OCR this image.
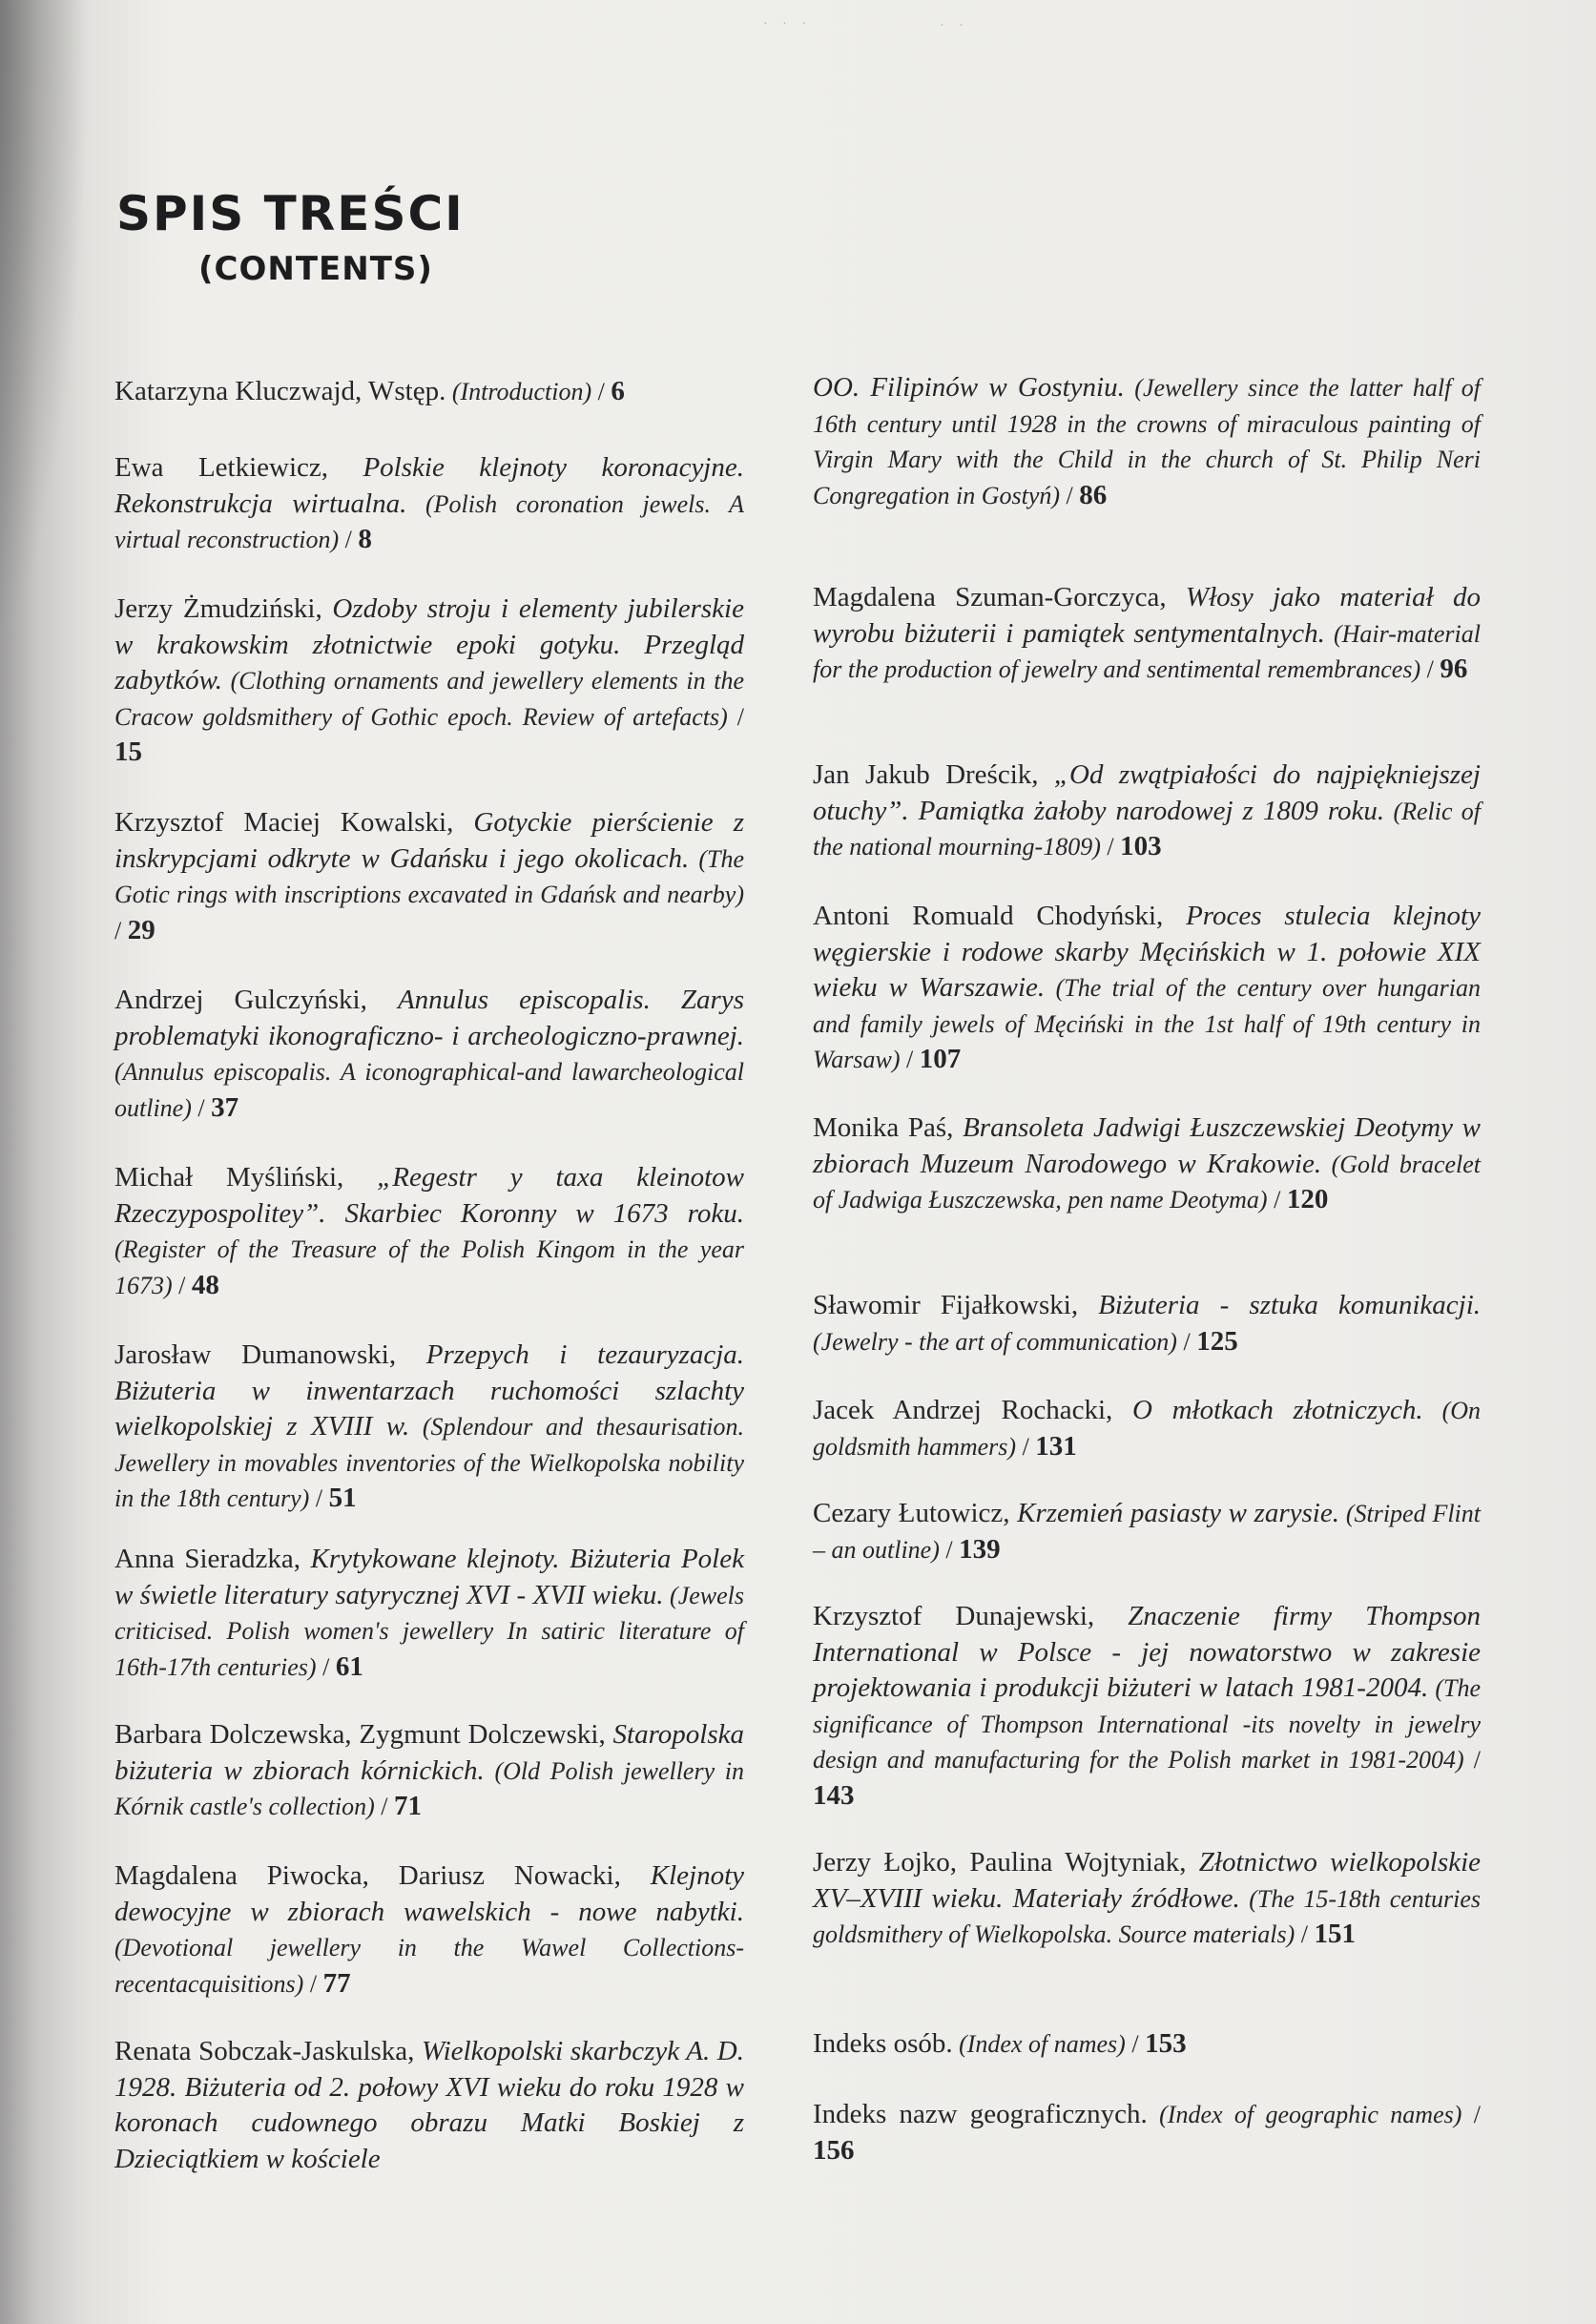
· · ·	· ·
SPIS TREŚCI
(CONTENTS)

Katarzyna Kluczwajd, Wstęp. (Introduction) / 6

Ewa Letkiewicz, Polskie klejnoty koronacyjne. Rekonstrukcja wirtualna. (Polish coronation jewels. A virtual reconstruction) / 8

Jerzy Żmudziński, Ozdoby stroju i elementy jubilerskie w krakowskim złotnictwie epoki gotyku. Przegląd zabytków. (Clothing ornaments and jewellery elements in the Cracow goldsmithery of Gothic epoch. Review of artefacts) / 15

Krzysztof Maciej Kowalski, Gotyckie pierścienie z inskrypcjami odkryte w Gdańsku i jego okolicach. (The Gotic rings with inscriptions excavated in Gdańsk and nearby) / 29

Andrzej Gulczyński, Annulus episcopalis. Zarys problematyki ikonograficzno- i archeologiczno-prawnej. (Annulus episcopalis. A iconographical-and lawarcheological outline) / 37

Michał Myśliński, „Regestr y taxa kleinotow Rzeczypospolitey”. Skarbiec Koronny w 1673 roku. (Register of the Treasure of the Polish Kingom in the year 1673) / 48

Jarosław Dumanowski, Przepych i tezauryzacja. Biżuteria w inwentarzach ruchomości szlachty wielkopolskiej z XVIII w. (Splendour and thesaurisation. Jewellery in movables inventories of the Wielkopolska nobility in the 18th century) / 51

Anna Sieradzka, Krytykowane klejnoty. Biżuteria Polek w świetle literatury satyrycznej XVI - XVII wieku. (Jewels criticised. Polish women's jewellery In satiric literature of 16th-17th centuries) / 61

Barbara Dolczewska, Zygmunt Dolczewski, Staropolska biżuteria w zbiorach kórnickich. (Old Polish jewellery in Kórnik castle's collection) / 71

Magdalena Piwocka, Dariusz Nowacki, Klejnoty dewocyjne w zbiorach wawelskich - nowe nabytki. (Devotional jewellery in the Wawel Collections-recentacquisitions) / 77

Renata Sobczak-Jaskulska, Wielkopolski skarbczyk A. D. 1928. Biżuteria od 2. połowy XVI wieku do roku 1928 w koronach cudownego obrazu Matki Boskiej z Dzieciątkiem w kościele

OO. Filipinów w Gostyniu. (Jewellery since the latter half of 16th century until 1928 in the crowns of miraculous painting of Virgin Mary with the Child in the church of St. Philip Neri Congregation in Gostyń) / 86

Magdalena Szuman-Gorczyca, Włosy jako materiał do wyrobu biżuterii i pamiątek sentymentalnych. (Hair-material for the production of jewelry and sentimental remembrances) / 96

Jan Jakub Dreścik, „Od zwątpiałości do najpiękniejszej otuchy”. Pamiątka żałoby narodowej z 1809 roku. (Relic of the national mourning-1809) / 103

Antoni Romuald Chodyński, Proces stulecia klejnoty węgierskie i rodowe skarby Męcińskich w 1. połowie XIX wieku w Warszawie. (The trial of the century over hungarian and family jewels of Męciński in the 1st half of 19th century in Warsaw) / 107

Monika Paś, Bransoleta Jadwigi Łuszczewskiej Deotymy w zbiorach Muzeum Narodowego w Krakowie. (Gold bracelet of Jadwiga Łuszczewska, pen name Deotyma) / 120

Sławomir Fijałkowski, Biżuteria - sztuka komunikacji. (Jewelry - the art of communication) / 125

Jacek Andrzej Rochacki, O młotkach złotniczych. (On goldsmith hammers) / 131

Cezary Łutowicz, Krzemień pasiasty w zarysie. (Striped Flint – an outline) / 139

Krzysztof Dunajewski, Znaczenie firmy Thompson International w Polsce - jej nowatorstwo w zakresie projektowania i produkcji biżuteri w latach 1981-2004. (The significance of Thompson International -its novelty in jewelry design and manufacturing for the Polish market in 1981-2004) / 143

Jerzy Łojko, Paulina Wojtyniak, Złotnictwo wielkopolskie XV–XVIII wieku. Materiały źródłowe. (The 15-18th centuries goldsmithery of Wielkopolska. Source materials) / 151

Indeks osób. (Index of names) / 153

Indeks nazw geograficznych. (Index of geographic names) / 156
